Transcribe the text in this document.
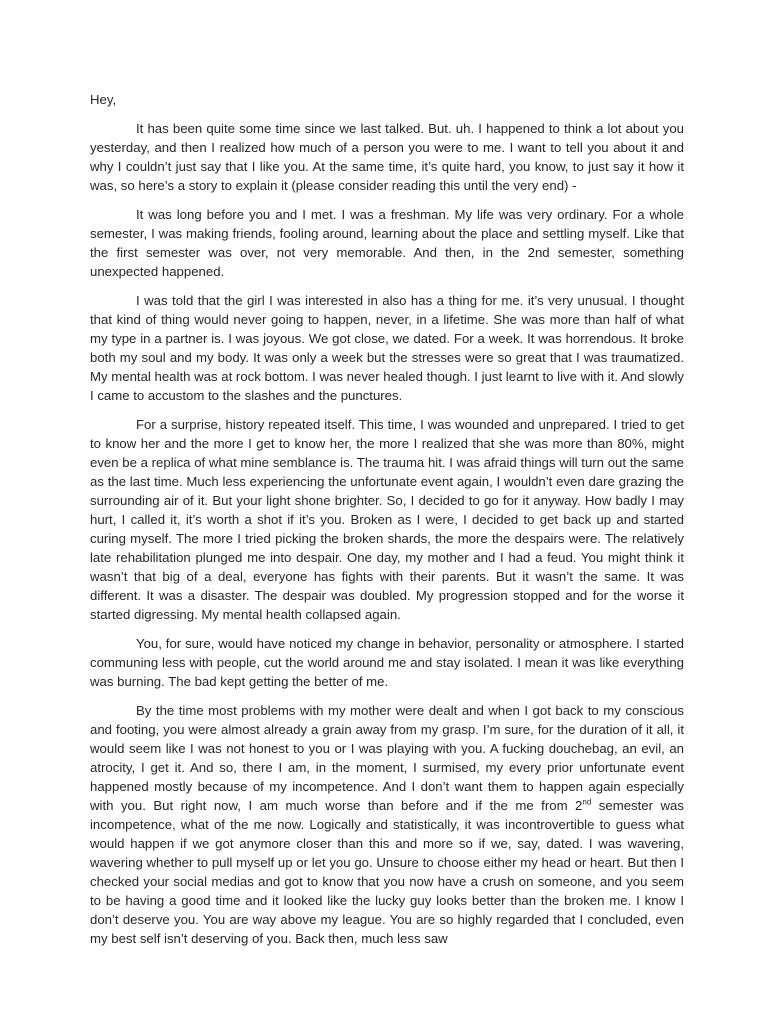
Hey,

It has been quite some time since we last talked. But. uh. I happened to think a lot about you yesterday, and then I realized how much of a person you were to me. I want to tell you about it and why I couldn’t just say that I like you. At the same time, it’s quite hard, you know, to just say it how it was, so here’s a story to explain it (please consider reading this until the very end) -

It was long before you and I met. I was a freshman. My life was very ordinary. For a whole semester, I was making friends, fooling around, learning about the place and settling myself. Like that the first semester was over, not very memorable. And then, in the 2nd semester, something unexpected happened.

I was told that the girl I was interested in also has a thing for me. it’s very unusual. I thought that kind of thing would never going to happen, never, in a lifetime. She was more than half of what my type in a partner is. I was joyous. We got close, we dated. For a week. It was horrendous. It broke both my soul and my body. It was only a week but the stresses were so great that I was traumatized. My mental health was at rock bottom. I was never healed though. I just learnt to live with it. And slowly I came to accustom to the slashes and the punctures.

For a surprise, history repeated itself. This time, I was wounded and unprepared. I tried to get to know her and the more I get to know her, the more I realized that she was more than 80%, might even be a replica of what mine semblance is. The trauma hit. I was afraid things will turn out the same as the last time. Much less experiencing the unfortunate event again, I wouldn’t even dare grazing the surrounding air of it. But your light shone brighter. So, I decided to go for it anyway. How badly I may hurt, I called it, it’s worth a shot if it’s you. Broken as I were, I decided to get back up and started curing myself. The more I tried picking the broken shards, the more the despairs were. The relatively late rehabilitation plunged me into despair. One day, my mother and I had a feud. You might think it wasn’t that big of a deal, everyone has fights with their parents. But it wasn’t the same. It was different. It was a disaster. The despair was doubled. My progression stopped and for the worse it started digressing. My mental health collapsed again.

You, for sure, would have noticed my change in behavior, personality or atmosphere. I started communing less with people, cut the world around me and stay isolated. I mean it was like everything was burning. The bad kept getting the better of me.

By the time most problems with my mother were dealt and when I got back to my conscious and footing, you were almost already a grain away from my grasp. I’m sure, for the duration of it all, it would seem like I was not honest to you or I was playing with you. A fucking douchebag, an evil, an atrocity, I get it. And so, there I am, in the moment, I surmised, my every prior unfortunate event happened mostly because of my incompetence. And I don’t want them to happen again especially with you. But right now, I am much worse than before and if the me from 2nd semester was incompetence, what of the me now. Logically and statistically, it was incontrovertible to guess what would happen if we got anymore closer than this and more so if we, say, dated. I was wavering, wavering whether to pull myself up or let you go. Unsure to choose either my head or heart. But then I checked your social medias and got to know that you now have a crush on someone, and you seem to be having a good time and it looked like the lucky guy looks better than the broken me. I know I don’t deserve you. You are way above my league. You are so highly regarded that I concluded, even my best self isn’t deserving of you. Back then, much less saw
